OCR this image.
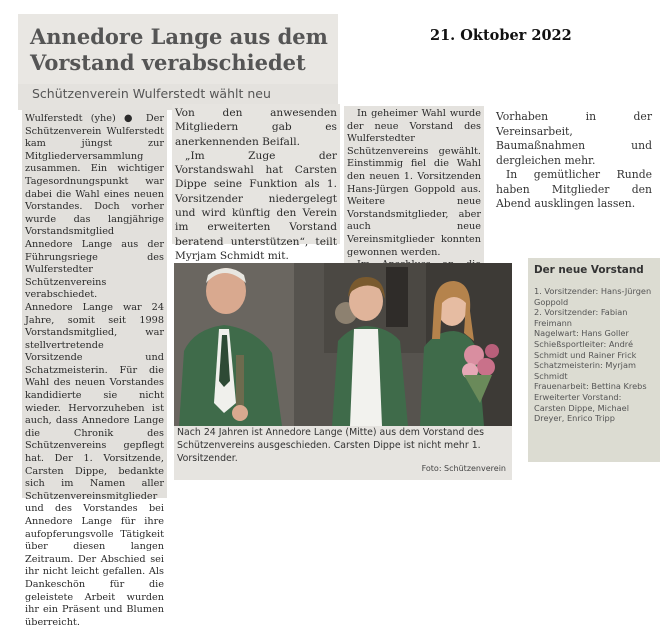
Annedore Lange aus dem Vorstand verabschiedet
Schützenverein Wulferstedt wählt neu
21. Oktober 2022

Wulferstedt (yhe) ● Der Schützenverein Wulferstedt kam jüngst zur Mitgliederversammlung zusammen. Ein wichtiger Tagesordnungspunkt war dabei die Wahl eines neuen Vorstandes. Doch vorher wurde das langjährige Vorstandsmitglied Annedore Lange aus der Führungsriege des Wulferstedter Schützenvereins verabschiedet.

Annedore Lange war 24 Jahre, somit seit 1998 Vorstandsmitglied, war stellvertretende Vorsitzende und Schatzmeisterin. Für die Wahl des neuen Vorstandes kandidierte sie nicht wieder. Hervorzuheben ist auch, dass Annedore Lange die Chronik des Schützenvereins gepflegt hat. Der 1. Vorsitzende, Carsten Dippe, bedankte sich im Namen aller Schützenvereinsmitglieder und des Vorstandes bei Annedore Lange für ihre aufopferungsvolle Tätigkeit über diesen langen Zeitraum. Der Abschied sei ihr nicht leicht gefallen. Als Dankeschön für die geleistete Arbeit wurden ihr ein Präsent und Blumen überreicht.

Von den anwesenden Mitgliedern gab es anerkennenden Beifall.

„Im Zuge der Vorstandswahl hat Carsten Dippe seine Funktion als 1. Vorsitzender niedergelegt und wird künftig den Verein im erweiterten Vorstand beratend unterstützen“, teilt Myrjam Schmidt mit.

In geheimer Wahl wurde der neue Vorstand des Wulferstedter Schützenvereins gewählt. Einstimmig fiel die Wahl den neuen 1. Vorsitzenden Hans-Jürgen Goppold aus. Weitere neue Vorstandsmitglieder, aber auch neue Vereinsmitglieder konnten gewonnen werden.

Vorhaben in der Vereinsarbeit, Baumaßnahmen und dergleichen mehr.

In gemütlicher Runde haben Mitglieder den Abend ausklingen lassen.

Nach 24 Jahren ist Annedore Lange (Mitte) aus dem Vorstand des Schützenvereins ausgeschieden. Carsten Dippe ist nicht mehr 1. Vorsitzender.
Foto: Schützenverein
Der neue Vorstand
1. Vorsitzender: Hans-Jürgen Goppold
2. Vorsitzender: Fabian Freimann
Nagelwart: Hans Goller
Schießsportleiter: André Schmidt und Rainer Frick
Schatzmeisterin: Myrjam Schmidt
Frauenarbeit: Bettina Krebs
Erweiterter Vorstand: Carsten Dippe, Michael Dreyer, Enrico Tripp
